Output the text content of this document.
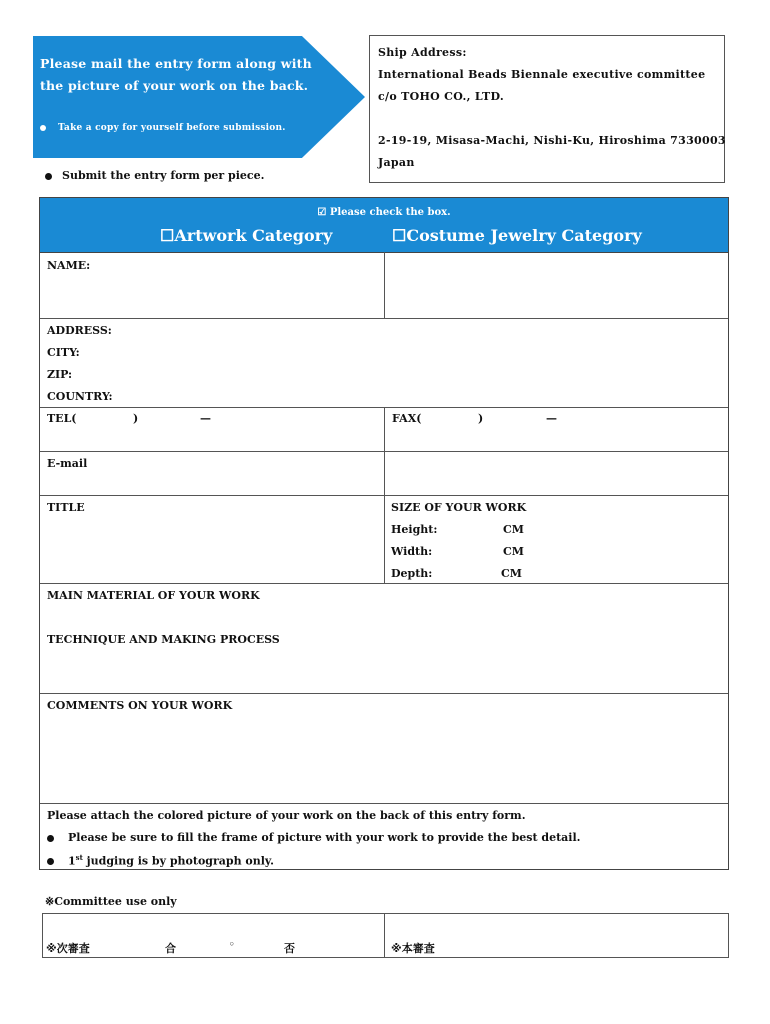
Please mail the entry form along with
the picture of your work on the back.
Take a copy for yourself before submission.
Ship Address:
International Beads Biennale executive committee
c/o TOHO CO., LTD.
2-19-19, Misasa-Machi, Nishi-Ku, Hiroshima 7330003
Japan
Submit the entry form per piece.
☑ Please check the box.
☐Artwork Category	☐Costume Jewelry Category
NAME:
ADDRESS:
CITY:
ZIP:
COUNTRY:
TEL(	)	—	FAX(	)	—
E-mail
TITLE	SIZE OF YOUR WORK
Height:	CM
Width:	CM
Depth:	CM
MAIN MATERIAL OF YOUR WORK
TECHNIQUE AND MAKING PROCESS
COMMENTS ON YOUR WORK
Please attach the colored picture of your work on the back of this entry form.
Please be sure to fill the frame of picture with your work to provide the best detail.
1st judging is by photograph only.
※Committee use only
※次審査	合	◦	否	※本審査
